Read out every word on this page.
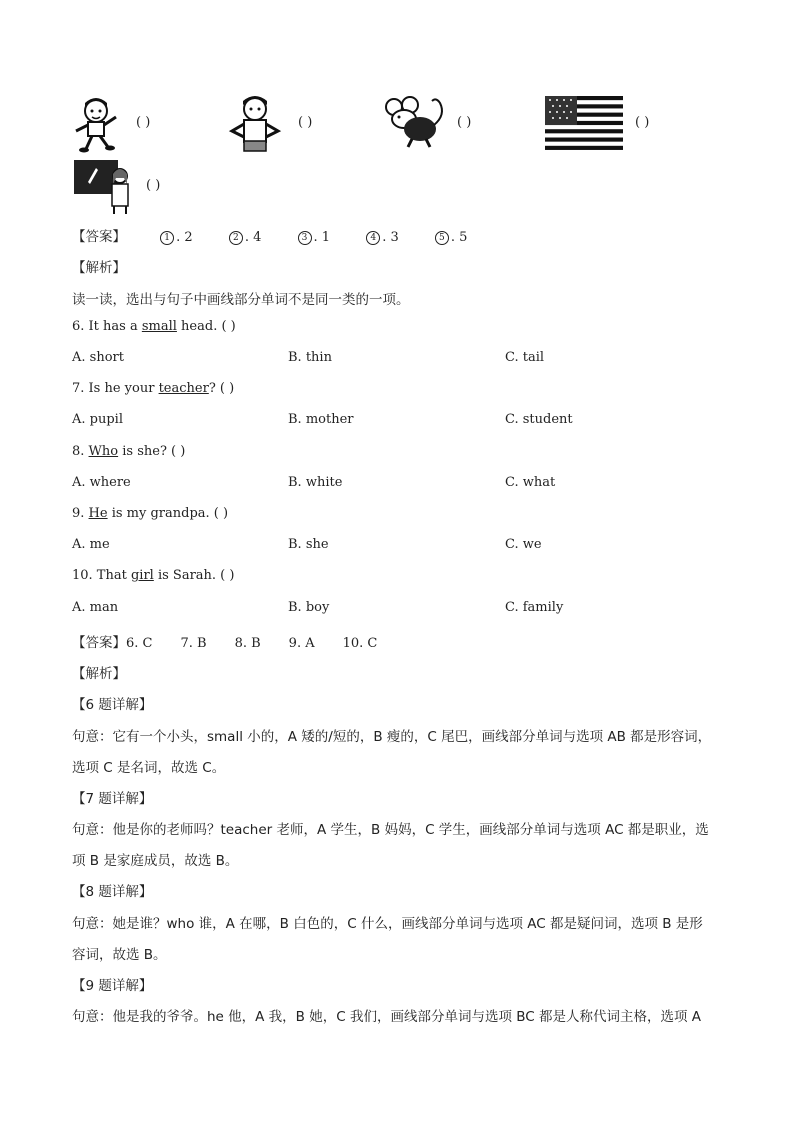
( )	( )	( )	( )
( )
【答案】	1 . 2	2 . 4	3 . 1	4 . 3	5 . 5
【解析】
读一读，选出与句子中画线部分单词不是同一类的一项。
6. It has a small head. ( )
A. short	B. thin	C. tail
7. Is he your teacher? ( )
A. pupil	B. mother	C. student
8. Who is she? ( )
A. where	B. white	C. what
9. He is my grandpa. ( )
A. me	B. she	C. we
10. That girl is Sarah. ( )
A. man	B. boy	C. family
【答案】6. C 7. B 8. B 9. A 10. C
【解析】
【6 题详解】
句意：它有一个小头，small 小的，A 矮的/短的，B 瘦的，C 尾巴，画线部分单词与选项 AB 都是形容词，
选项 C 是名词，故选 C。
【7 题详解】
句意：他是你的老师吗？teacher 老师，A 学生，B 妈妈，C 学生，画线部分单词与选项 AC 都是职业，选
项 B 是家庭成员，故选 B。
【8 题详解】
句意：她是谁？who 谁，A 在哪，B 白色的，C 什么，画线部分单词与选项 AC 都是疑问词，选项 B 是形
容词，故选 B。
【9 题详解】
句意：他是我的爷爷。he 他，A 我，B 她，C 我们，画线部分单词与选项 BC 都是人称代词主格，选项 A
